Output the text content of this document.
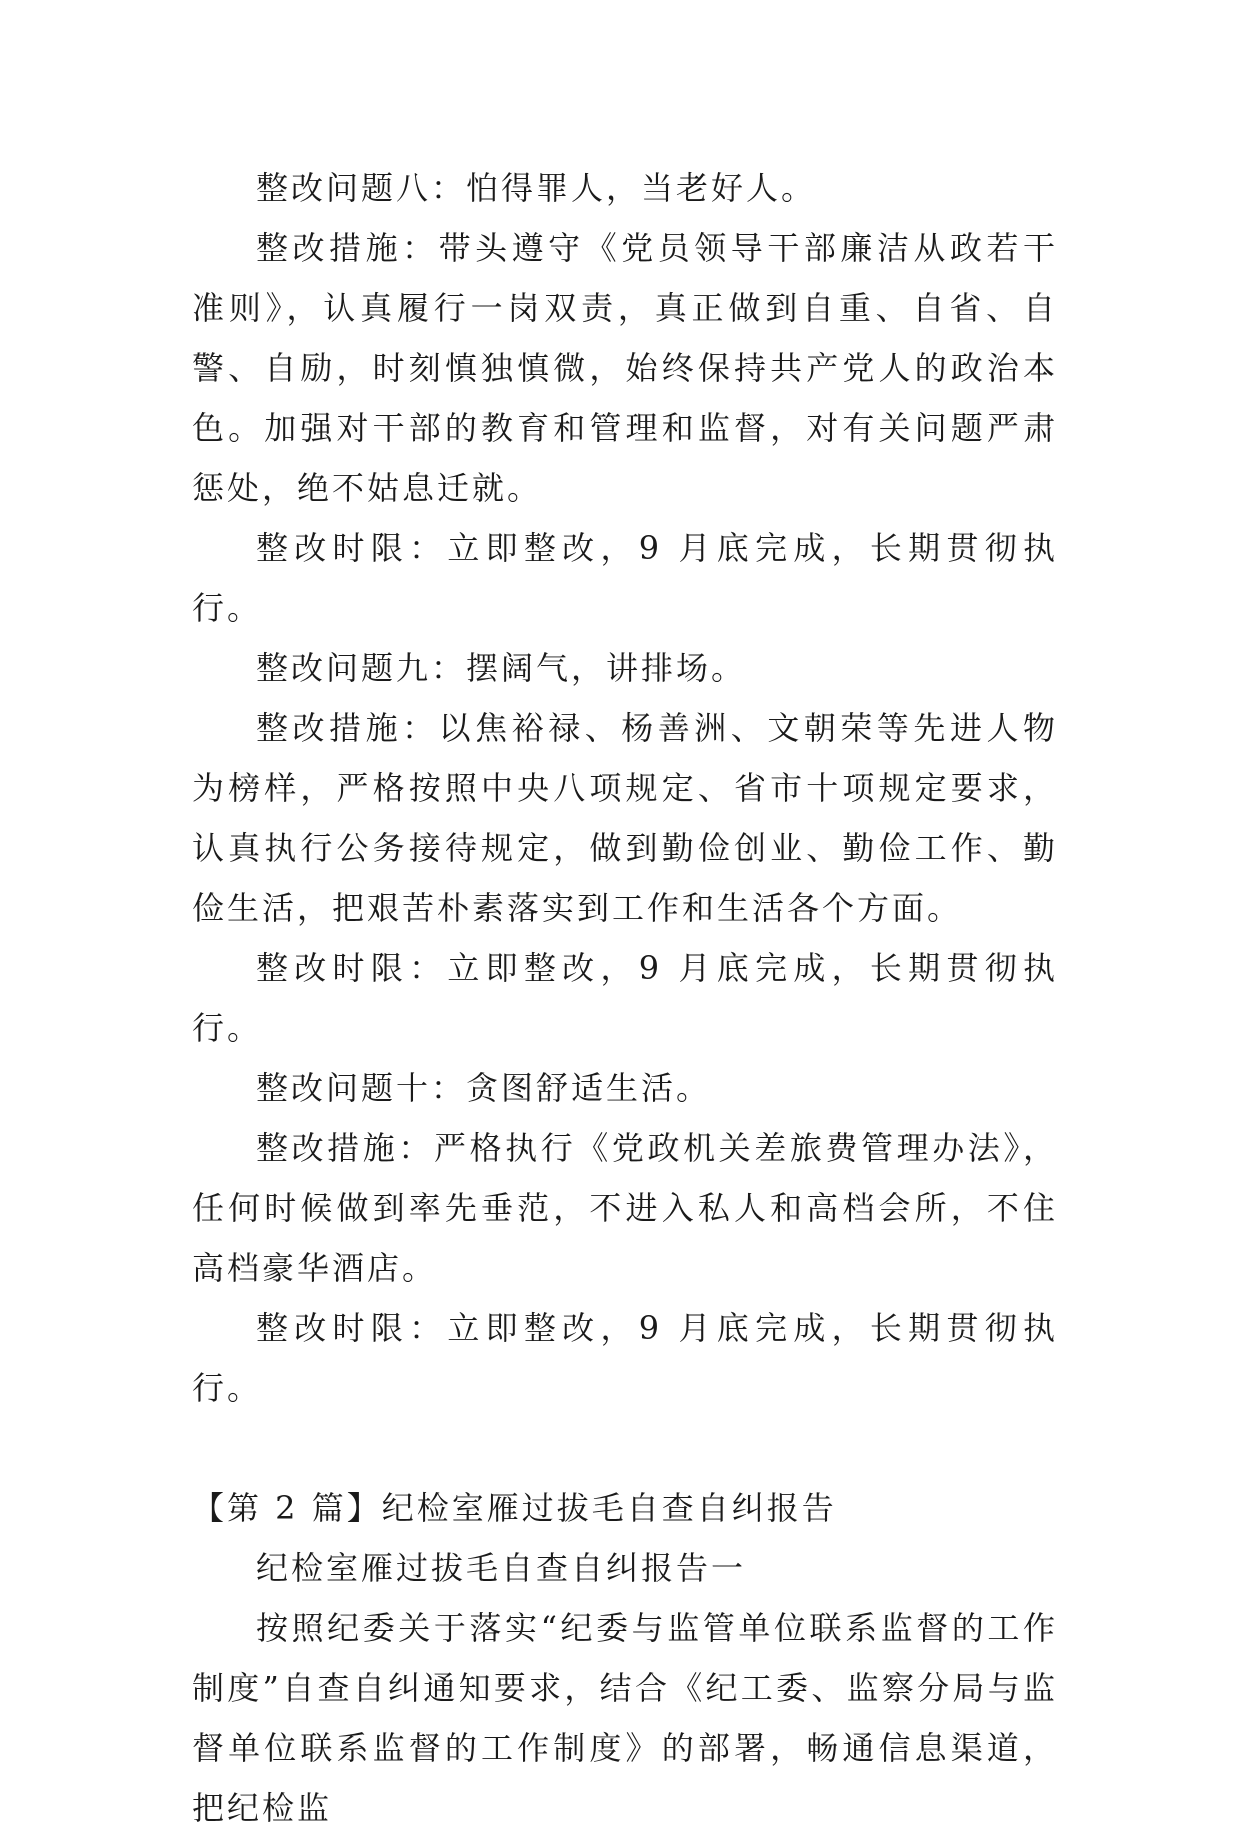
整改问题八：怕得罪人，当老好人。

整改措施：带头遵守《党员领导干部廉洁从政若干准则》，认真履行一岗双责，真正做到自重、自省、自警、自励，时刻慎独慎微，始终保持共产党人的政治本色。加强对干部的教育和管理和监督，对有关问题严肃惩处，绝不姑息迁就。

整改时限：立即整改，9 月底完成，长期贯彻执行。

整改问题九：摆阔气，讲排场。

整改措施：以焦裕禄、杨善洲、文朝荣等先进人物为榜样，严格按照中央八项规定、省市十项规定要求，认真执行公务接待规定，做到勤俭创业、勤俭工作、勤俭生活，把艰苦朴素落实到工作和生活各个方面。

整改时限：立即整改，9 月底完成，长期贯彻执行。

整改问题十：贪图舒适生活。

整改措施：严格执行《党政机关差旅费管理办法》，任何时候做到率先垂范，不进入私人和高档会所，不住高档豪华酒店。

整改时限：立即整改，9 月底完成，长期贯彻执行。

【第 2 篇】纪检室雁过拔毛自查自纠报告

纪检室雁过拔毛自查自纠报告一

按照纪委关于落实“纪委与监管单位联系监督的工作制度”自查自纠通知要求，结合《纪工委、监察分局与监督单位联系监督的工作制度》的部署，畅通信息渠道，把纪检监
